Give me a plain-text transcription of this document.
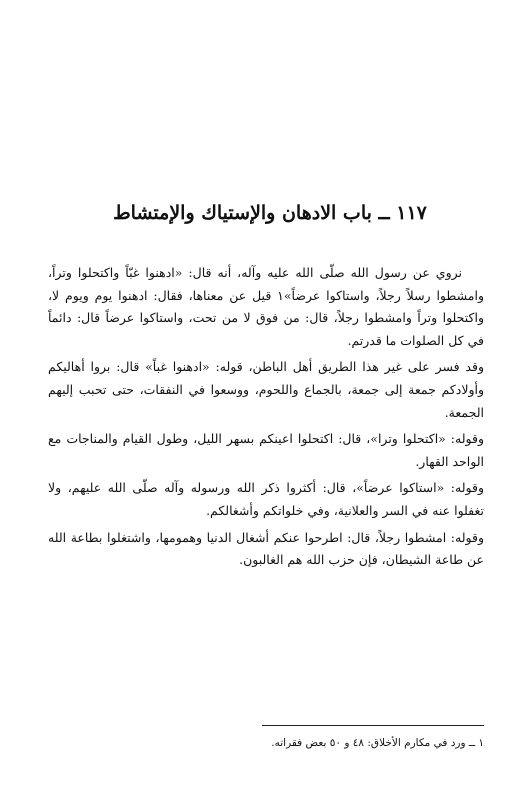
١١٧ ــ باب الادهان والإستياك والإمتشاط

نروي عن رسول الله صلّى الله عليه وآله، أنه قال: «ادهنوا غبّاً واكتحلوا وتراً، وامشطوا رسلاً رجلاً، واستاكوا عرضاً»١ قيل عن معناها، فقال: ادهنوا يوم ويوم لا، واكتحلوا وتراً وامشطوا رجلاً، قال: من فوق لا من تحت، واستاكوا عرضاً قال: دائماً في كل الصلوات ما قدرتم.

وقد فسر على غير هذا الطريق أهل الباطن، قوله: «ادهنوا غباً» قال: بروا أهاليكم وأولادكم جمعة إلى جمعة، بالجماع واللحوم، ووسعوا في النفقات، حتى تحبب إليهم الجمعة.

وقوله: «اكتحلوا وترا»، قال: اكتحلوا اعينكم بسهر الليل، وطول القيام والمناجات مع الواحد القهار.

وقوله: «استاكوا عرضاً»، قال: أكثروا ذكر الله ورسوله وآله صلّى الله عليهم، ولا تغفلوا عنه في السر والعلانية، وفي خلواتكم وأشغالكم.

وقوله: امشطوا رجلاً، قال: اطرحوا عنكم أشغال الدنيا وهمومها، واشتغلوا بطاعة الله عن طاعة الشيطان، فإن حزب الله هم الغالبون.

١ ــ ورد في مكارم الأخلاق: ٤٨ و ٥٠ بعض فقراته.
